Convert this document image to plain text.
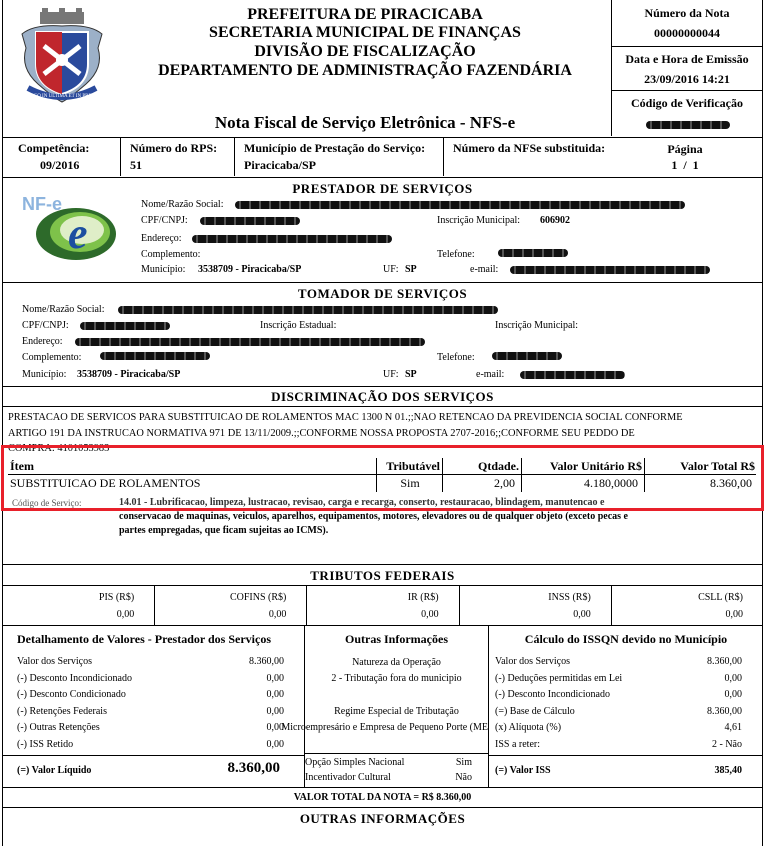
ELIGO IN ULTIMA ET IN PRIMO
PREFEITURA DE PIRACICABA
SECRETARIA MUNICIPAL DE FINANÇAS
DIVISÃO DE FISCALIZAÇÃO
DEPARTAMENTO DE ADMINISTRAÇÃO FAZENDÁRIA
Nota Fiscal de Serviço Eletrônica - NFS-e
Número da Nota
00000000044
Data e Hora de Emissão
23/09/2016 14:21
Código de Verificação
Competência:
09/2016
Número do RPS:
51
Município de Prestação do Serviço:
Piracicaba/SP
Número da NFSe substituida:	Página
1  /  1
PRESTADOR DE SERVIÇOS
e
NF-e	Nome/Razão Social:
CPF/CNPJ:	Inscrição Municipal: 606902
Endereço:
Complemento:	Telefone:
Município: 3538709 - Piracicaba/SP	UF: SP	e-mail:
TOMADOR DE SERVIÇOS
Nome/Razão Social:
CPF/CNPJ:	Inscrição Estadual:	Inscrição Municipal:
Endereço:
Complemento:	Telefone:
Município: 3538709 - Piracicaba/SP	UF: SP	e-mail:
DISCRIMINAÇÃO DOS SERVIÇOS
PRESTACAO DE SERVICOS PARA SUBSTITUICAO DE ROLAMENTOS MAC 1300 N 01.;;NAO RETENCAO DA PREVIDENCIA SOCIAL CONFORME
ARTIGO 191 DA INSTRUCAO NORMATIVA 971 DE 13/11/2009.;;CONFORME NOSSA PROPOSTA 2707-2016;;CONFORME SEU PEDDO DE
COMPRA: 4101053983
Ítem	Tributável	Qtdade.	Valor Unitário R$	Valor Total R$
SUBSTITUICAO DE ROLAMENTOS	Sim	2,00	4.180,0000	8.360,00
Código de Serviço:	14.01 - Lubrificacao, limpeza, lustracao, revisao, carga e recarga, conserto, restauracao, blindagem, manutencao e
conservacao de maquinas, veiculos, aparelhos, equipamentos, motores, elevadores ou de qualquer objeto (exceto pecas e
partes empregadas, que ficam sujeitas ao ICMS).
TRIBUTOS FEDERAIS
PIS (R$)
0,00
COFINS (R$)
0,00
IR (R$)
0,00
INSS (R$)
0,00
CSLL (R$)
0,00
Detalhamento de Valores - Prestador dos Serviços
Valor dos Serviços	8.360,00
(-) Desconto Incondicionado	0,00
(-) Desconto Condicionado	0,00
(-) Retenções Federais	0,00
(-) Outras Retenções	0,00
(-) ISS Retido	0,00
(=) Valor Líquido	8.360,00
Outras Informações
Natureza da Operação
2 - Tributação fora do municipio
Regime Especial de Tributação
Microempresário e Empresa de Pequeno Porte (ME
Opção Simples Nacional	Sim
Incentivador Cultural	Não
Cálculo do ISSQN devido no Município
Valor dos Serviços	8.360,00
(-) Deduções permitidas em Lei	0,00
(-) Desconto Incondicionado	0,00
(=) Base de Cálculo	8.360,00
(x) Alíquota (%)	4,61
ISS a reter:	2 - Não
(=) Valor ISS	385,40
VALOR TOTAL DA NOTA = R$ 8.360,00
OUTRAS INFORMAÇÕES
